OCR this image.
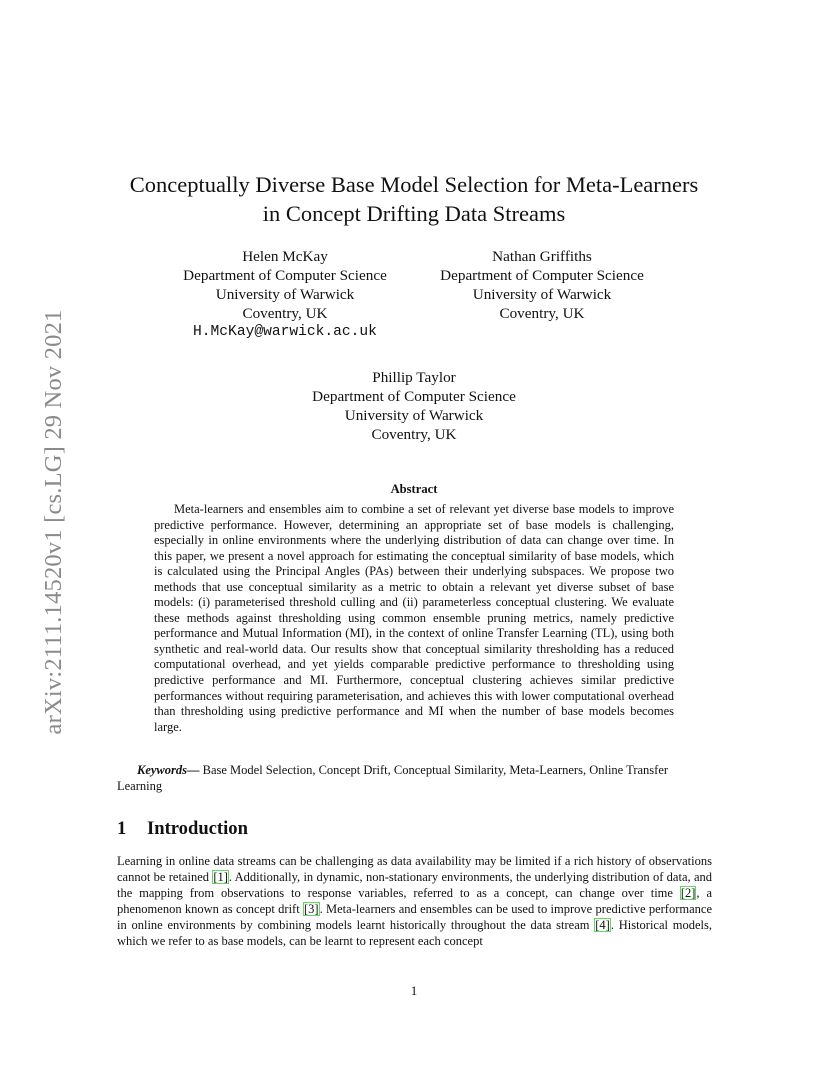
arXiv:2111.14520v1 [cs.LG] 29 Nov 2021
Conceptually Diverse Base Model Selection for Meta-Learners
in Concept Drifting Data Streams
Helen McKay
Department of Computer Science
University of Warwick
Coventry, UK
H.McKay@warwick.ac.uk
Nathan Griffiths
Department of Computer Science
University of Warwick
Coventry, UK
Phillip Taylor
Department of Computer Science
University of Warwick
Coventry, UK
Abstract
Meta-learners and ensembles aim to combine a set of relevant yet diverse base models to improve predictive performance. However, determining an appropriate set of base models is challenging, especially in online environments where the underlying distribution of data can change over time. In this paper, we present a novel approach for estimating the conceptual similarity of base models, which is calculated using the Principal Angles (PAs) between their underlying subspaces. We propose two methods that use conceptual similarity as a metric to obtain a relevant yet diverse subset of base models: (i) parameterised threshold culling and (ii) parameterless conceptual clustering. We evaluate these methods against thresholding using common ensemble pruning metrics, namely predictive performance and Mutual Information (MI), in the context of online Transfer Learning (TL), using both synthetic and real-world data. Our results show that conceptual similarity thresholding has a reduced computational overhead, and yet yields comparable predictive performance to thresholding using predictive performance and MI. Furthermore, conceptual clustering achieves similar predictive performances without requiring parameterisation, and achieves this with lower computational overhead than thresholding using predictive performance and MI when the number of base models becomes large.
Keywords— Base Model Selection, Concept Drift, Conceptual Similarity, Meta-Learners, Online Transfer Learning
1 Introduction
Learning in online data streams can be challenging as data availability may be limited if a rich history of observations cannot be retained [1]. Additionally, in dynamic, non-stationary environments, the underlying distribution of data, and the mapping from observations to response variables, referred to as a concept, can change over time [2], a phenomenon known as concept drift [3]. Meta-learners and ensembles can be used to improve predictive performance in online environments by combining models learnt historically throughout the data stream [4]. Historical models, which we refer to as base models, can be learnt to represent each concept
1
